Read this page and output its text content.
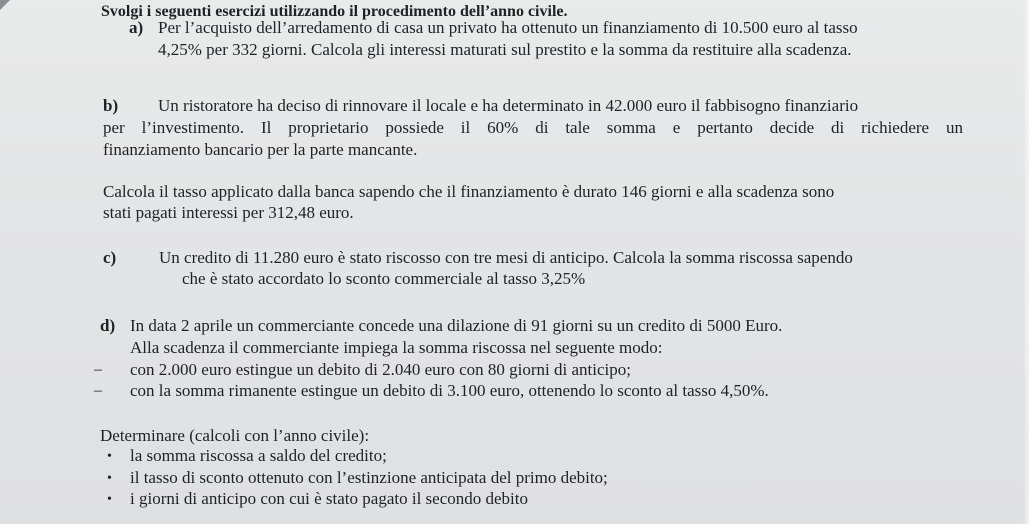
Svolgi i seguenti esercizi utilizzando il procedimento dell’anno civile.
a) Per l’acquisto dell’arredamento di casa un privato ha ottenuto un finanziamento di 10.500 euro al tasso
4,25% per 332 giorni. Calcola gli interessi maturati sul prestito e la somma da restituire alla scadenza.
b) Un ristoratore ha deciso di rinnovare il locale e ha determinato in 42.000 euro il fabbisogno finanziario
per l’investimento. Il proprietario possiede il 60% di tale somma e pertanto decide di richiedere un
finanziamento bancario per la parte mancante.
Calcola il tasso applicato dalla banca sapendo che il finanziamento è durato 146 giorni e alla scadenza sono
stati pagati interessi per 312,48 euro.
c)	Un credito di 11.280 euro è stato riscosso con tre mesi di anticipo. Calcola la somma riscossa sapendo
che è stato accordato lo sconto commerciale al tasso 3,25%
d) In data 2 aprile un commerciante concede una dilazione di 91 giorni su un credito di 5000 Euro.
Alla scadenza il commerciante impiega la somma riscossa nel seguente modo:
– con 2.000 euro estingue un debito di 2.040 euro con 80 giorni di anticipo;
– con la somma rimanente estingue un debito di 3.100 euro, ottenendo lo sconto al tasso 4,50%.
Determinare (calcoli con l’anno civile):
• la somma riscossa a saldo del credito;
• il tasso di sconto ottenuto con l’estinzione anticipata del primo debito;
• i giorni di anticipo con cui è stato pagato il secondo debito
